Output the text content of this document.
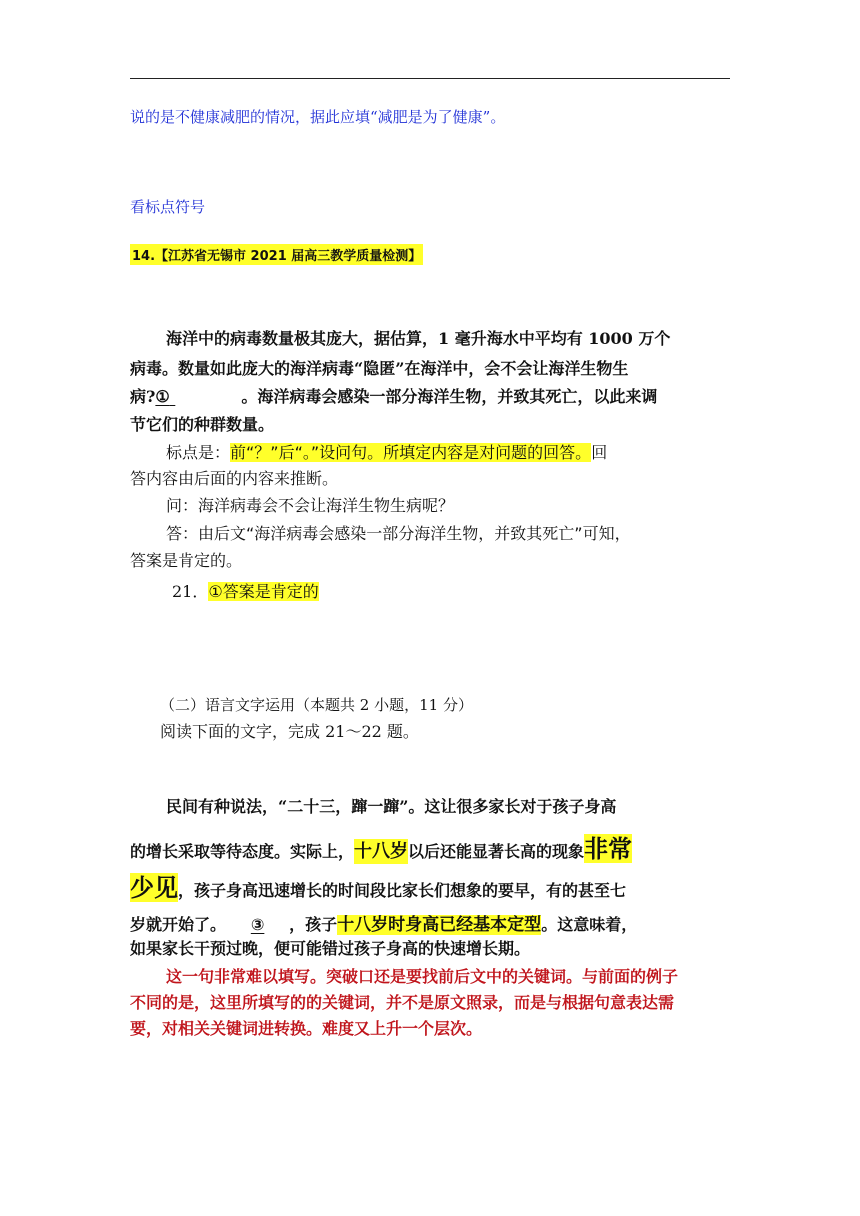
说的是不健康减肥的情况，据此应填“减肥是为了健康”。
看标点符号
14.【江苏省无锡市 2021 届高三教学质量检测】
海洋中的病毒数量极其庞大，据估算，1 毫升海水中平均有 1000 万个
病毒。数量如此庞大的海洋病毒“隐匿”在海洋中，会不会让海洋生物生
病?①	。海洋病毒会感染一部分海洋生物，并致其死亡，以此来调
节它们的种群数量。
标点是：前“？”后“。”设问句。所填定内容是对问题的回答。回
答内容由后面的内容来推断。
问：海洋病毒会不会让海洋生物生病呢？
答：由后文“海洋病毒会感染一部分海洋生物，并致其死亡”可知，
答案是肯定的。
21．①答案是肯定的
（二）语言文字运用（本题共 2 小题，11 分）
阅读下面的文字，完成 21～22 题。
民间有种说法，“二十三，蹿一蹿”。这让很多家长对于孩子身高
的增长采取等待态度。实际上，十八岁以后还能显著长高的现象非常
少见，孩子身高迅速增长的时间段比家长们想象的要早，有的甚至七
岁就开始了。 ③ ，孩子十八岁时身高已经基本定型。这意味着，
如果家长干预过晚，便可能错过孩子身高的快速增长期。
这一句非常难以填写。突破口还是要找前后文中的关键词。与前面的例子
不同的是，这里所填写的的关键词，并不是原文照录，而是与根据句意表达需
要，对相关关键词进转换。难度又上升一个层次。
